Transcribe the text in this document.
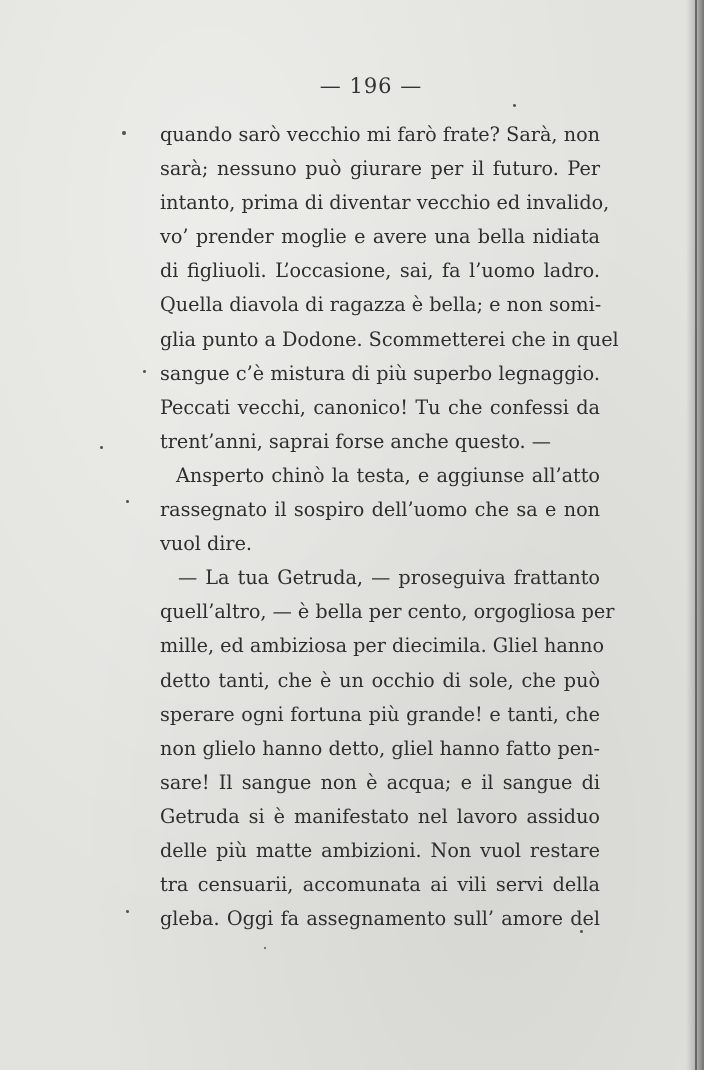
— 196 —
quando sarò vecchio mi farò frate? Sarà, non
sarà; nessuno può giurare per il futuro. Per
intanto, prima di diventar vecchio ed invalido,
vo’ prender moglie e avere una bella nidiata
di figliuoli. L’occasione, sai, fa l’uomo ladro.
Quella diavola di ragazza è bella; e non somi-
glia punto a Dodone. Scommetterei che in quel
sangue c’è mistura di più superbo legnaggio.
Peccati vecchi, canonico! Tu che confessi da
trent’anni, saprai forse anche questo. —
Ansperto chinò la testa, e aggiunse all’atto
rassegnato il sospiro dell’uomo che sa e non
vuol dire.
— La tua Getruda, — proseguiva frattanto
quell’altro, — è bella per cento, orgogliosa per
mille, ed ambiziosa per diecimila. Gliel hanno
detto tanti, che è un occhio di sole, che può
sperare ogni fortuna più grande! e tanti, che
non glielo hanno detto, gliel hanno fatto pen-
sare! Il sangue non è acqua; e il sangue di
Getruda si è manifestato nel lavoro assiduo
delle più matte ambizioni. Non vuol restare
tra censuarii, accomunata ai vili servi della
gleba. Oggi fa assegnamento sull’ amore del
